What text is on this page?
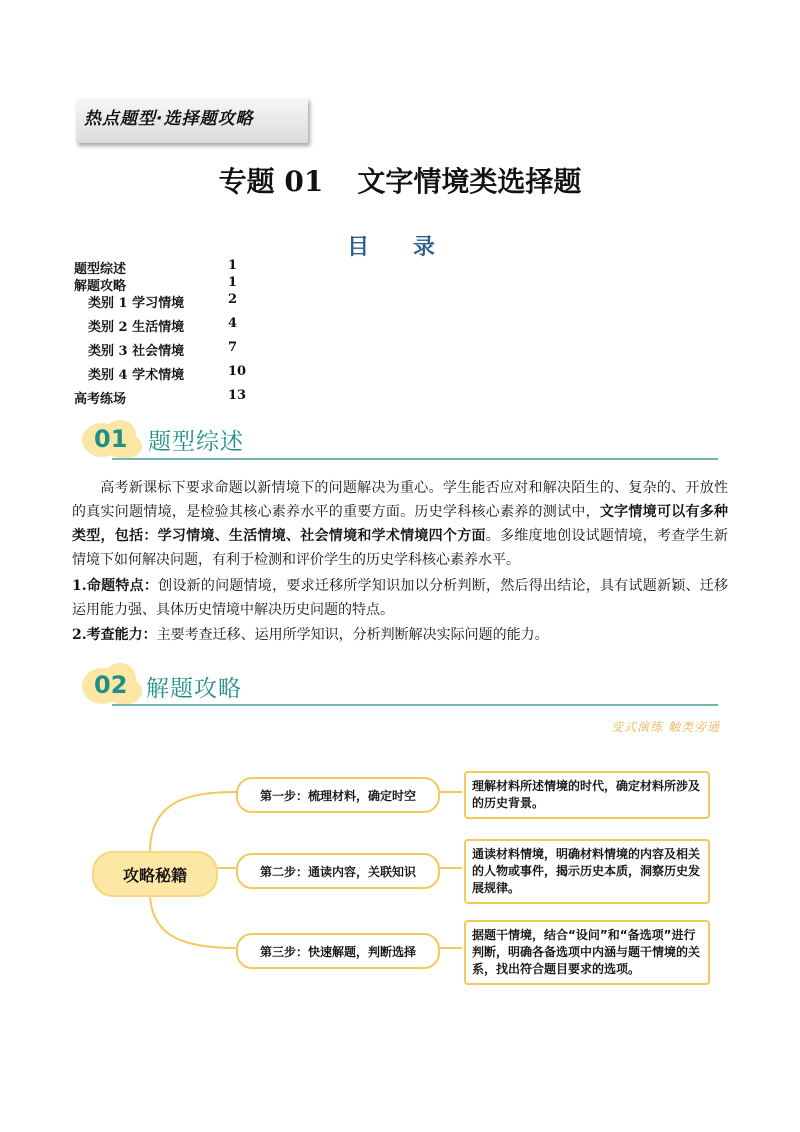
热点题型·选择题攻略
专题 01 文字情境类选择题
目 录
题型综述	1
解题攻略	1
类别 1 学习情境	2
类别 2 生活情境	4
类别 3 社会情境	7
类别 4 学术情境	10
高考练场	13
01 题型综述
高考新课标下要求命题以新情境下的问题解决为重心。学生能否应对和解决陌生的、复杂的、开放性的真实问题情境，是检验其核心素养水平的重要方面。历史学科核心素养的测试中，文字情境可以有多种类型，包括：学习情境、生活情境、社会情境和学术情境四个方面。多维度地创设试题情境，考查学生新情境下如何解决问题，有利于检测和评价学生的历史学科核心素养水平。
1.命题特点：创设新的问题情境，要求迁移所学知识加以分析判断，然后得出结论，具有试题新颖、迁移运用能力强、具体历史情境中解决历史问题的特点。
2.考查能力：主要考查迁移、运用所学知识，分析判断解决实际问题的能力。
02 解题攻略
变式演练 触类旁通
攻略秘籍
第一步：梳理材料，确定时空
第二步：通读内容，关联知识
第三步：快速解题，判断选择
理解材料所述情境的时代，确定材料所涉及的历史背景。
通读材料情境，明确材料情境的内容及相关的人物或事件，揭示历史本质，洞察历史发展规律。
据题干情境，结合“设问”和“备选项”进行判断，明确各备选项中内涵与题干情境的关系，找出符合题目要求的选项。
